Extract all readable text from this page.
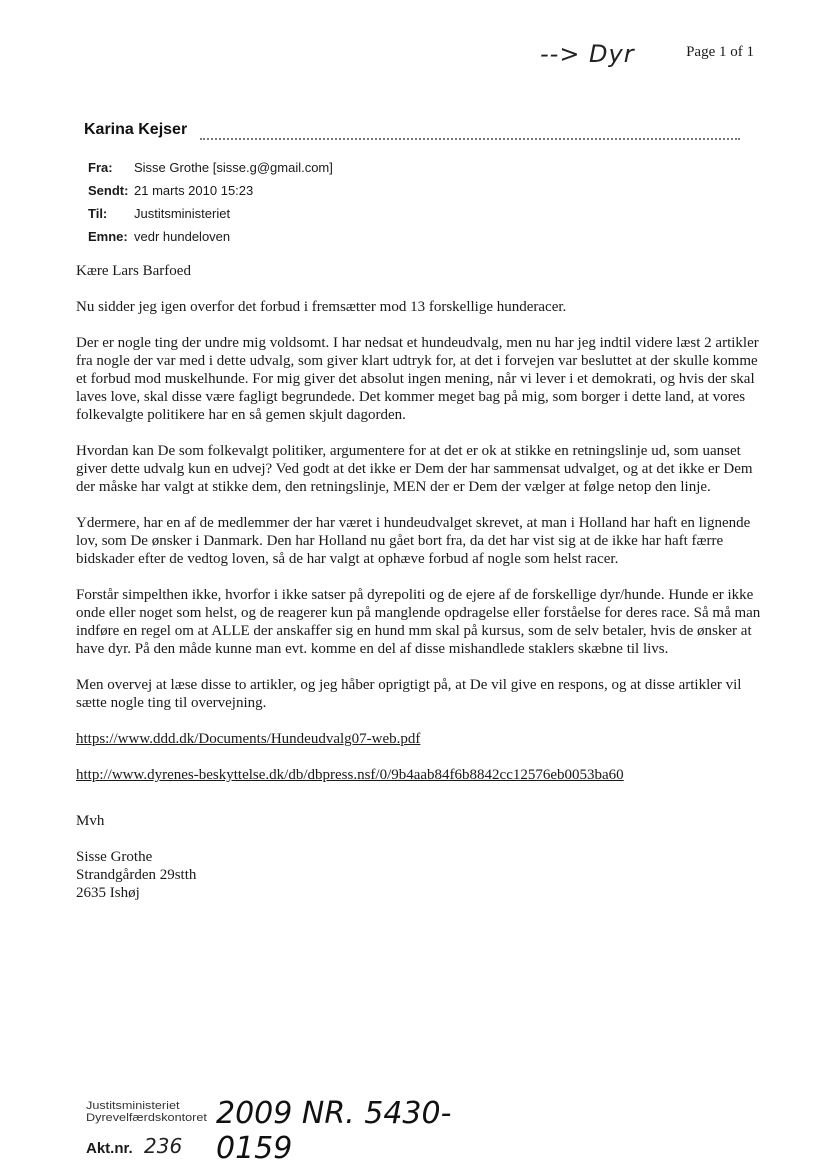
--> Dyr	Page 1 of 1
Karina Kejser
Fra:	Sisse Grothe [sisse.g@gmail.com]
Sendt: 21 marts 2010 15:23
Til:	Justitsministeriet
Emne: vedr hundeloven

Kære Lars Barfoed

Nu sidder jeg igen overfor det forbud i fremsætter mod 13 forskellige hunderacer.

Der er nogle ting der undre mig voldsomt. I har nedsat et hundeudvalg, men nu har jeg indtil videre læst 2 artikler fra nogle der var med i dette udvalg, som giver klart udtryk for, at det i forvejen var besluttet at der skulle komme et forbud mod muskelhunde. For mig giver det absolut ingen mening, når vi lever i et demokrati, og hvis der skal laves love, skal disse være fagligt begrundede. Det kommer meget bag på mig, som borger i dette land, at vores folkevalgte politikere har en så gemen skjult dagorden.

Hvordan kan De som folkevalgt politiker, argumentere for at det er ok at stikke en retningslinje ud, som uanset giver dette udvalg kun en udvej? Ved godt at det ikke er Dem der har sammensat udvalget, og at det ikke er Dem der måske har valgt at stikke dem, den retningslinje, MEN der er Dem der vælger at følge netop den linje.

Ydermere, har en af de medlemmer der har været i hundeudvalget skrevet, at man i Holland har haft en lignende lov, som De ønsker i Danmark. Den har Holland nu gået bort fra, da det har vist sig at de ikke har haft færre bidskader efter de vedtog loven, så de har valgt at ophæve forbud af nogle som helst racer.

Forstår simpelthen ikke, hvorfor i ikke satser på dyrepoliti og de ejere af de forskellige dyr/hunde. Hunde er ikke onde eller noget som helst, og de reagerer kun på manglende opdragelse eller forståelse for deres race. Så må man indføre en regel om at ALLE der anskaffer sig en hund mm skal på kursus, som de selv betaler, hvis de ønsker at have dyr. På den måde kunne man evt. komme en del af disse mishandlede staklers skæbne til livs.

Men overvej at læse disse to artikler, og jeg håber oprigtigt på, at De vil give en respons, og at disse artikler vil sætte nogle ting til overvejning.

https://www.ddd.dk/Documents/Hundeudvalg07-web.pdf

http://www.dyrenes-beskyttelse.dk/db/dbpress.nsf/0/9b4aab84f6b8842cc12576eb0053ba60

Mvh

Sisse Grothe

Strandgården 29stth

2635 Ishøj

Justitsministeriet
Dyrevelfærdskontoret 2009 NR. 5430-0159
Akt.nr. 236
